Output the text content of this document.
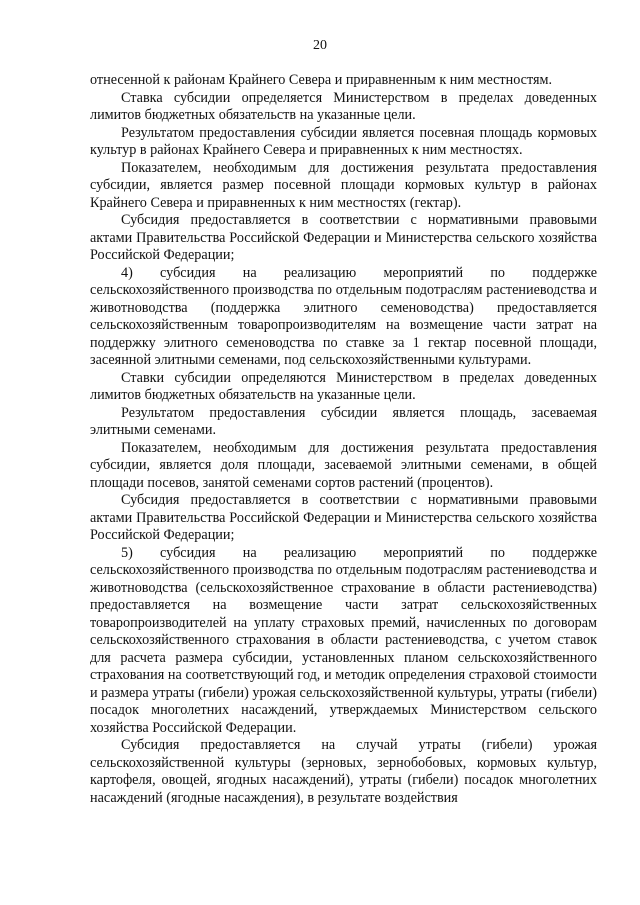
20

отнесенной к районам Крайнего Севера и приравненным к ним местностям.

Ставка субсидии определяется Министерством в пределах доведенных лимитов бюджетных обязательств на указанные цели.

Результатом предоставления субсидии является посевная площадь кормовых культур в районах Крайнего Севера и приравненных к ним местностях.

Показателем, необходимым для достижения результата предоставления субсидии, является размер посевной площади кормовых культур в районах Крайнего Севера и приравненных к ним местностях (гектар).

Субсидия предоставляется в соответствии с нормативными правовыми актами Правительства Российской Федерации и Министерства сельского хозяйства Российской Федерации;

4) субсидия на реализацию мероприятий по поддержке сельскохозяйственного производства по отдельным подотраслям растениеводства и животноводства (поддержка элитного семеноводства) предоставляется сельскохозяйственным товаропроизводителям на возмещение части затрат на поддержку элитного семеноводства по ставке за 1 гектар посевной площади, засеянной элитными семенами, под сельскохозяйственными культурами.

Ставки субсидии определяются Министерством в пределах доведенных лимитов бюджетных обязательств на указанные цели.

Результатом предоставления субсидии является площадь, засеваемая элитными семенами.

Показателем, необходимым для достижения результата предоставления субсидии, является доля площади, засеваемой элитными семенами, в общей площади посевов, занятой семенами сортов растений (процентов).

Субсидия предоставляется в соответствии с нормативными правовыми актами Правительства Российской Федерации и Министерства сельского хозяйства Российской Федерации;

5) субсидия на реализацию мероприятий по поддержке сельскохозяйственного производства по отдельным подотраслям растениеводства и животноводства (сельскохозяйственное страхование в области растениеводства) предоставляется на возмещение части затрат сельскохозяйственных товаропроизводителей на уплату страховых премий, начисленных по договорам сельскохозяйственного страхования в области растениеводства, с учетом ставок для расчета размера субсидии, установленных планом сельскохозяйственного страхования на соответствующий год, и методик определения страховой стоимости и размера утраты (гибели) урожая сельскохозяйственной культуры, утраты (гибели) посадок многолетних насаждений, утверждаемых Министерством сельского хозяйства Российской Федерации.

Субсидия предоставляется на случай утраты (гибели) урожая сельскохозяйственной культуры (зерновых, зернобобовых, кормовых культур, картофеля, овощей, ягодных насаждений), утраты (гибели) посадок многолетних насаждений (ягодные насаждения), в результате воздействия
